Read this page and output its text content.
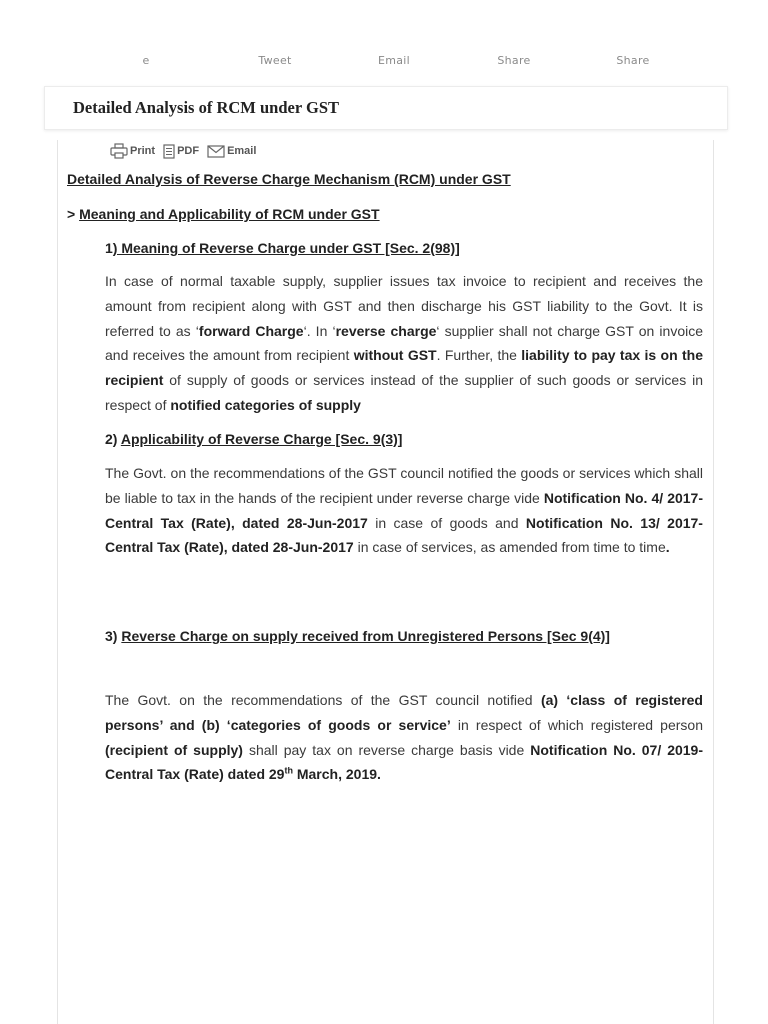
e	Tweet	Email	Share	Share
Detailed Analysis of RCM under GST
Print PDF	Email
Detailed Analysis of Reverse Charge Mechanism (RCM) under GST
> Meaning and Applicability of RCM under GST
1) Meaning of Reverse Charge under GST [Sec. 2(98)]
In case of normal taxable supply, supplier issues tax invoice to recipient and receives the amount from recipient along with GST and then discharge his GST liability to the Govt. It is referred to as ‘forward Charge‘. In ‘reverse charge‘ supplier shall not charge GST on invoice and receives the amount from recipient without GST. Further, the liability to pay tax is on the recipient of supply of goods or services instead of the supplier of such goods or services in respect of notified categories of supply
2) Applicability of Reverse Charge [Sec. 9(3)]
The Govt. on the recommendations of the GST council notified the goods or services which shall be liable to tax in the hands of the recipient under reverse charge vide Notification No. 4/ 2017-Central Tax (Rate), dated 28-Jun-2017 in case of goods and Notification No. 13/ 2017-Central Tax (Rate), dated 28-Jun-2017 in case of services, as amended from time to time.
3) Reverse Charge on supply received from Unregistered Persons [Sec 9(4)]
The Govt. on the recommendations of the GST council notified (a) ‘class of registered persons’ and (b) ‘categories of goods or service’ in respect of which registered person (recipient of supply) shall pay tax on reverse charge basis vide Notification No. 07/ 2019-Central Tax (Rate) dated 29th March, 2019.
